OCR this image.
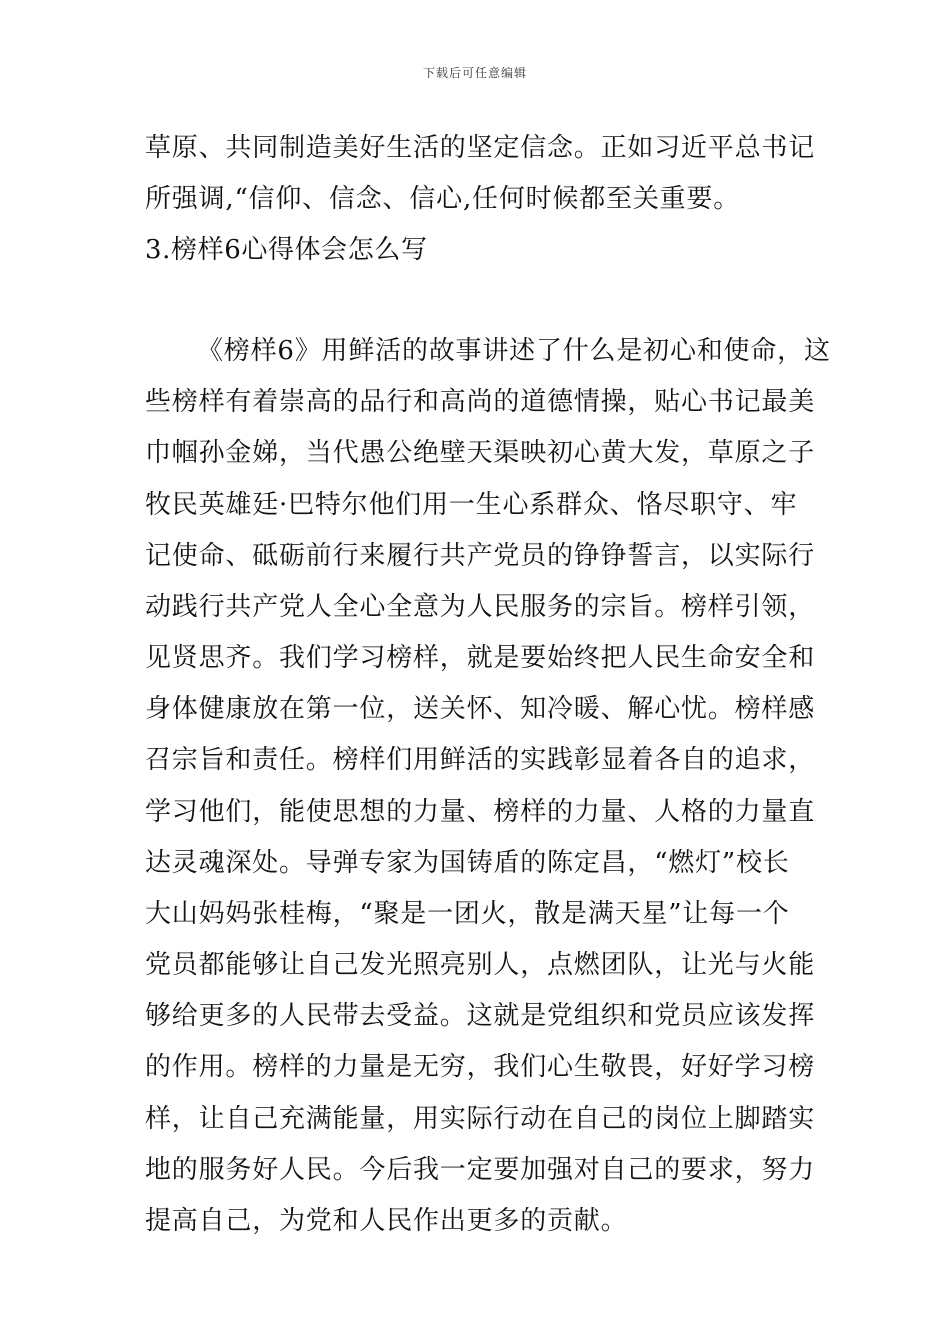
下载后可任意编辑
草原、共同制造美好生活的坚定信念。正如习近平总书记
所强调,“信仰、信念、信心,任何时候都至关重要。
3.榜样6心得体会怎么写
《榜样6》用鲜活的故事讲述了什么是初心和使命，这
些榜样有着崇高的品行和高尚的道德情操，贴心书记最美
巾帼孙金娣，当代愚公绝壁天渠映初心黄大发，草原之子
牧民英雄廷·巴特尔他们用一生心系群众、恪尽职守、牢
记使命、砥砺前行来履行共产党员的铮铮誓言，以实际行
动践行共产党人全心全意为人民服务的宗旨。榜样引领，
见贤思齐。我们学习榜样，就是要始终把人民生命安全和
身体健康放在第一位，送关怀、知冷暖、解心忧。榜样感
召宗旨和责任。榜样们用鲜活的实践彰显着各自的追求，
学习他们，能使思想的力量、榜样的力量、人格的力量直
达灵魂深处。导弹专家为国铸盾的陈定昌，“燃灯”校长
大山妈妈张桂梅，“聚是一团火，散是满天星”让每一个
党员都能够让自己发光照亮别人，点燃团队，让光与火能
够给更多的人民带去受益。这就是党组织和党员应该发挥
的作用。榜样的力量是无穷，我们心生敬畏，好好学习榜
样，让自己充满能量，用实际行动在自己的岗位上脚踏实
地的服务好人民。今后我一定要加强对自己的要求，努力
提高自己，为党和人民作出更多的贡献。
